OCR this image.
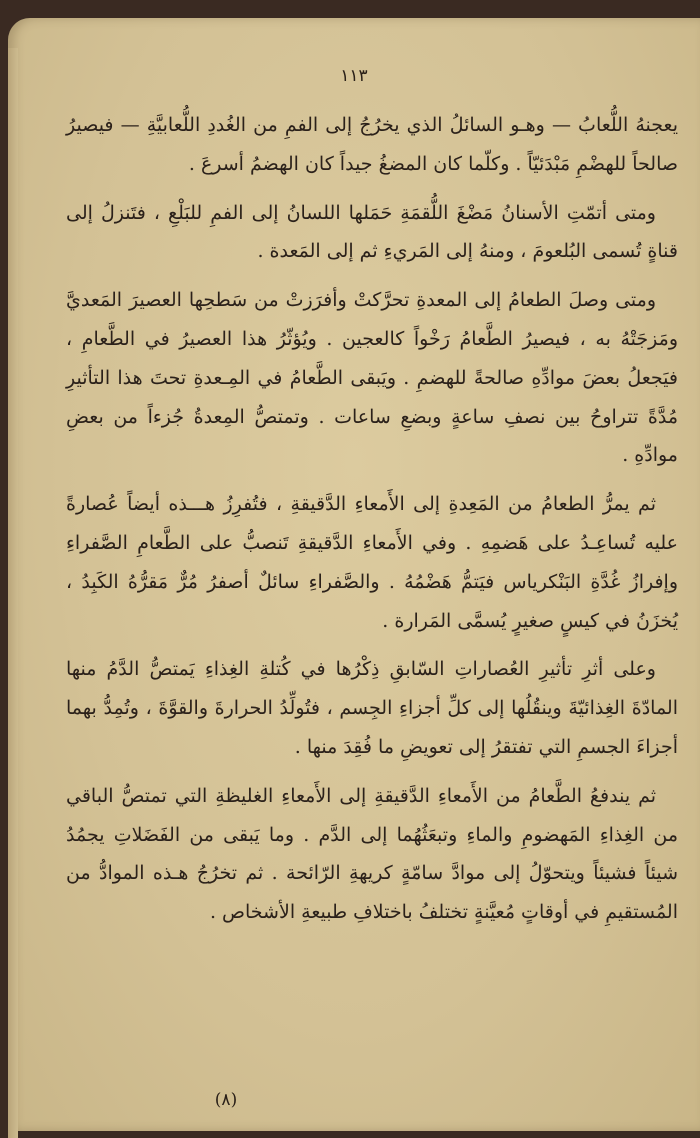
١١٣

يعجنهُ اللُّعابُ — وهـو السائلُ الذي يخرُجُ إلى الفمِ من الغُددِ اللُّعابيَّةِ — فيصيرُ صالحاً للهضْمِ مَبْدَئيّاً . وكلّما كان المضغُ جيداً كان الهضمُ أسرعَ .

ومتى أتمّتِ الأسنانُ مَضْغَ اللُّقمَةِ حَمَلها اللسانُ إلى الفمِ للبَلْعِ ، فتَنزلُ إلى قناةٍ تُسمى البُلعومَ ، ومنهُ إلى المَريءِ ثم إلى المَعدة .

ومتى وصلَ الطعامُ إلى المعدةِ تحرَّكتْ وأفرَزتْ من سَطحِها العصيرَ المَعديَّ ومَزجَتْهُ به ، فيصيرُ الطَّعامُ رَخْواً كالعجين . ويُؤثّرُ هذا العصيرُ في الطَّعامِ ، فيَجعلُ بعضَ موادِّهِ صالحةً للهضمِ . ويَبقى الطَّعامُ في المِـعدةِ تحتَ هذا التأثيرِ مُدَّةً تتراوحُ بين نصفِ ساعةٍ وبضعِ ساعات . وتمتصُّ المِعدةُ جُزءاً من بعضِ موادِّهِ .

ثم يمرُّ الطعامُ من المَعِدةِ إلى الأَمعاءِ الدَّقيقةِ ، فتُفرِزُ هـــذه أيضاً عُصارةً عليه تُساعِـدُ على هَضمِهِ . وفي الأَمعاءِ الدَّقيقةِ تَنصبُّ على الطَّعامِ الصَّفراءِ وإفرازُ غُدَّةِ البَنْكرياس فيَتمُّ هَضْمُهُ . والصَّفراءِ سائلٌ أصفرُ مُرٌّ مَقرُّهُ الكَبِدُ ، يُخزَنُ في كيسٍ صغيرٍ يُسمَّى المَرارة .

وعلى أثرِ تأثيرِ العُصاراتِ السّابقِ ذِكْرُها في كُتلةِ الغِذاءِ يَمتصُّ الدَّمُ منها المادّةَ الغِذائيّةَ وينقُلُها إلى كلِّ أجزاءِ الجِسم ، فتُولِّدُ الحرارةَ والقوَّةَ ، وتُمِدُّ بهما أجزاءَ الجسمِ التي تفتقرُ إلى تعويضِ ما فُقِدَ منها .

ثم يندفعُ الطَّعامُ من الأَمعاءِ الدَّقيقةِ إلى الأَمعاءِ الغليظةِ التي تمتصُّ الباقي من الغِذاءِ المَهضومِ والماءِ وتبعَثُهُما إلى الدَّم . وما يَبقى من الفَضَلاتِ يجمُدُ شيئاً فشيئاً ويتحوّلُ إلى موادَّ سامّةٍ كريهةِ الرّائحة . ثم تخرُجُ هـذه الموادُّ من المُستقيمِ في أوقاتٍ مُعيَّنةٍ تختلفُ باختلافِ طبيعةِ الأشخاص .

(٨)
